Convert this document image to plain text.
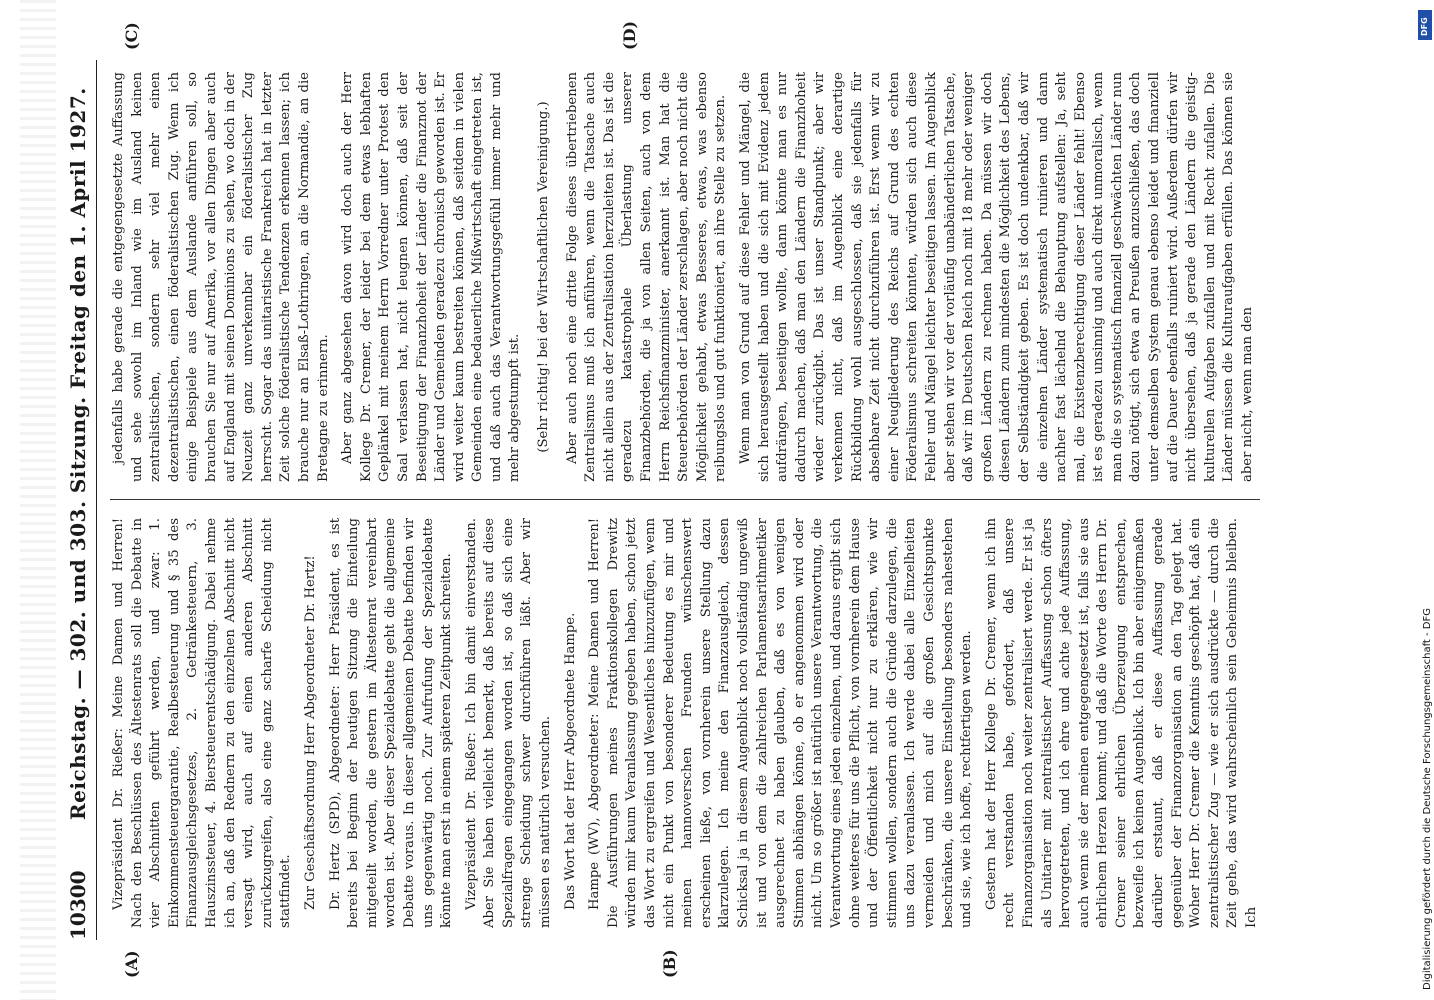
10300
Reichstag. — 302. und 303. Sitzung. Freitag den 1. April 1927.
(A)	(B)
(C)	(D)

Vizepräsident Dr. Rießer: Meine Damen und Herren! Nach den Beschlüssen des Ältestenrats soll die Debatte in vier Abschnitten geführt werden, und zwar: 1. Einkommensteuergarantie, Realbesteuerung und § 35 des Finanzausgleichsgesetzes, 2. Getränkesteuern, 3. Hauszinssteuer, 4. Biersteuerentschädigung. Dabei nehme ich an, daß den Rednern zu den einzelnen Abschnitt nicht versagt wird, auch auf einen anderen Abschnitt zurückzugreifen, also eine ganz scharfe Scheidung nicht stattfindet. Zur Geschäftsordnung Herr Abgeordneter Dr. Hertz! Dr. Hertz (SPD), Abgeordneter: Herr Präsident, es ist bereits bei Beginn der heutigen Sitzung die Einteilung mitgeteilt worden, die gestern im Ältestenrat vereinbart worden ist. Aber dieser Spezialdebatte geht die allgemeine Debatte voraus. In dieser allgemeinen Debatte befinden wir uns gegenwärtig noch. Zur Aufrufung der Spezialdebatte könnte man erst in einem späteren Zeitpunkt schreiten. Vizepräsident Dr. Rießer: Ich bin damit einverstanden. Aber Sie haben vielleicht bemerkt, daß bereits auf diese Spezialfragen eingegangen worden ist, so daß sich eine strenge Scheidung schwer durchführen läßt. Aber wir müssen es natürlich versuchen. Das Wort hat der Herr Abgeordnete Hampe. Hampe (WV), Abgeordneter: Meine Damen und Herren! Die Ausführungen meines Fraktionskollegen Drewitz würden mir kaum Veranlassung gegeben haben, schon jetzt das Wort zu ergreifen und Wesentliches hinzuzufügen, wenn nicht ein Punkt von besonderer Bedeutung es mir und meinen hannoverschen Freunden wünschenswert erscheinen ließe, von vornherein unsere Stellung dazu klarzulegen. Ich meine den Finanzausgleich, dessen Schicksal ja in diesem Augenblick noch vollständig ungewiß ist und von dem die zahlreichen Parlamentsarithmetiker ausgerechnet zu haben glauben, daß es von wenigen Stimmen abhängen könne, ob er angenommen wird oder nicht. Um so größer ist natürlich unsere Verantwortung, die Verantwortung eines jeden einzelnen, und daraus ergibt sich ohne weiteres für uns die Pflicht, von vornherein dem Hause und der Öffentlichkeit nicht nur zu erklären, wie wir stimmen wollen, sondern auch die Gründe darzulegen, die uns dazu veranlassen. Ich werde dabei alle Einzelheiten vermeiden und mich auf die großen Gesichtspunkte beschränken, die unsere Einstellung besonders nahestehen und sie, wie ich hoffe, rechtfertigen werden. Gestern hat der Herr Kollege Dr. Cremer, wenn ich ihn recht verstanden habe, gefordert, daß unsere Finanzorganisation noch weiter zentralisiert werde. Er ist ja als Unitarier mit zentralistischer Auffassung schon öfters hervorgetreten, und ich ehre und achte jede Auffassung, auch wenn sie der meinen entgegengesetzt ist, falls sie aus ehrlichem Herzen kommt; und daß die Worte des Herrn Dr. Cremer seiner ehrlichen Überzeugung entsprechen, bezweifle ich keinen Augenblick. Ich bin aber einigermaßen darüber erstaunt, daß er diese Auffassung gerade gegenüber der Finanzorganisation an den Tag gelegt hat. Woher Herr Dr. Cremer die Kenntnis geschöpft hat, daß ein zentralistischer Zug — wie er sich ausdrückte — durch die Zeit gehe, das wird wahrscheinlich sein Geheimnis bleiben. Ich

jedenfalls habe gerade die entgegengesetzte Auffassung und sehe sowohl im Inland wie im Ausland keinen zentralistischen, sondern sehr viel mehr einen dezentralistischen, einen föderalistischen Zug. Wenn ich einige Beispiele aus dem Auslande anführen soll, so brauchen Sie nur auf Amerika, vor allen Dingen aber auch auf England mit seinen Dominions zu sehen, wo doch in der Neuzeit ganz unverkennbar ein föderalistischer Zug herrscht. Sogar das unitaristische Frankreich hat in letzter Zeit solche föderalistische Tendenzen erkennen lassen; ich brauche nur an Elsaß-Lothringen, an die Normandie, an die Bretagne zu erinnern. Aber ganz abgesehen davon wird doch auch der Herr Kollege Dr. Cremer, der leider bei dem etwas lebhaften Geplänkel mit meinem Herrn Vorredner unter Protest den Saal verlassen hat, nicht leugnen können, daß seit der Beseitigung der Finanzhoheit der Länder die Finanznot der Länder und Gemeinden geradezu chronisch geworden ist. Er wird weiter kaum bestreiten können, daß seitdem in vielen Gemeinden eine bedauerliche Mißwirtschaft eingetreten ist, und daß auch das Verantwortungsgefühl immer mehr und mehr abgestumpft ist. (Sehr richtig! bei der Wirtschaftlichen Vereinigung.) Aber auch noch eine dritte Folge dieses übertriebenen Zentralismus muß ich anführen, wenn die Tatsache auch nicht allein aus der Zentralisation herzuleiten ist. Das ist die geradezu katastrophale Überlastung unserer Finanzbehörden, die ja von allen Seiten, auch von dem Herrn Reichsfinanzminister, anerkannt ist. Man hat die Steuerbehörden der Länder zerschlagen, aber noch nicht die Möglichkeit gehabt, etwas Besseres, etwas, was ebenso reibungslos und gut funktioniert, an ihre Stelle zu setzen. Wenn man von Grund auf diese Fehler und Mängel, die sich herausgestellt haben und die sich mit Evidenz jedem aufdrängen, beseitigen wollte, dann könnte man es nur dadurch machen, daß man den Ländern die Finanzhoheit wieder zurückgibt. Das ist unser Standpunkt; aber wir verkennen nicht, daß im Augenblick eine derartige Rückbildung wohl ausgeschlossen, daß sie jedenfalls für absehbare Zeit nicht durchzuführen ist. Erst wenn wir zu einer Neugliederung des Reichs auf Grund des echten Föderalismus schreiten könnten, würden sich auch diese Fehler und Mängel leichter beseitigen lassen. Im Augenblick aber stehen wir vor der vorläufig unabänderlichen Tatsache, daß wir im Deutschen Reich noch mit 18 mehr oder weniger großen Ländern zu rechnen haben. Da müssen wir doch diesen Ländern zum mindesten die Möglichkeit des Lebens, der Selbständigkeit geben. Es ist doch undenkbar, daß wir die einzelnen Länder systematisch ruinieren und dann nachher fast lächelnd die Behauptung aufstellen: Ja, seht mal, die Existenzberechtigung dieser Länder fehlt! Ebenso ist es geradezu unsinnig und auch direkt unmoralisch, wenn man die so systematisch finanziell geschwächten Länder nun dazu nötigt, sich etwa an Preußen anzuschließen, das doch unter demselben System genau ebenso leidet und finanziell auf die Dauer ebenfalls ruiniert wird. Außerdem dürfen wir nicht übersehen, daß ja gerade den Ländern die geistig-kulturellen Aufgaben zufallen und mit Recht zufallen. Die Länder müssen die Kulturaufgaben erfüllen. Das können sie aber nicht, wenn man den

DFG
Digitalisierung gefördert durch die Deutsche Forschungsgemeinschaft - DFG
